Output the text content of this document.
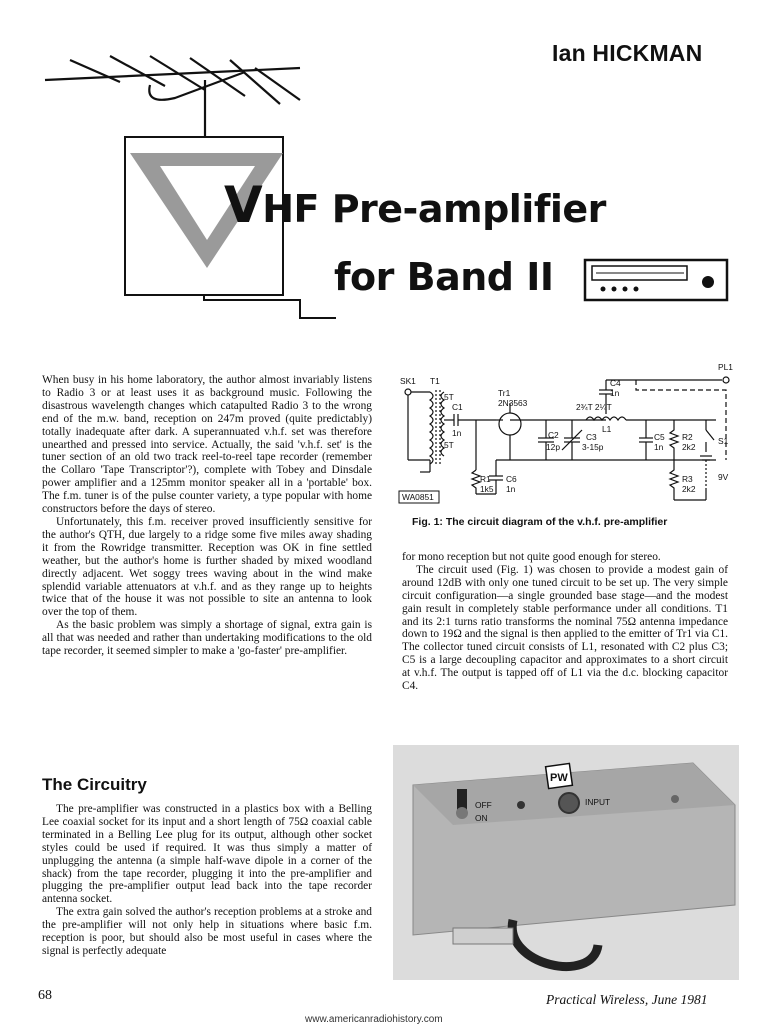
Ian HICKMAN
VHF Pre-amplifier
for Band II

When busy in his home laboratory, the author almost invariably listens to Radio 3 or at least uses it as background music. Following the disastrous wavelength changes which catapulted Radio 3 to the wrong end of the m.w. band, reception on 247m proved (quite predictably) totally inadequate after dark. A superannuated v.h.f. set was therefore unearthed and pressed into service. Actually, the said 'v.h.f. set' is the tuner section of an old two track reel-to-reel tape recorder (remember the Collaro 'Tape Transcriptor'?), complete with Tobey and Dinsdale power amplifier and a 125mm monitor speaker all in a 'portable' box. The f.m. tuner is of the pulse counter variety, a type popular with home constructors before the days of stereo.

Unfortunately, this f.m. receiver proved insufficiently sensitive for the author's QTH, due largely to a ridge some five miles away shading it from the Rowridge transmitter. Reception was OK in fine settled weather, but the author's home is further shaded by mixed woodland directly adjacent. Wet soggy trees waving about in the wind make splendid variable attenuators at v.h.f. and as they range up to heights twice that of the house it was not possible to site an antenna to look over the top of them.

As the basic problem was simply a shortage of signal, extra gain is all that was needed and rather than undertaking modifications to the old tape recorder, it seemed simpler to make a 'go-faster' pre-amplifier.

The Circuitry

The pre-amplifier was constructed in a plastics box with a Belling Lee coaxial socket for its input and a short length of 75Ω coaxial cable terminated in a Belling Lee plug for its output, although other socket styles could be used if required. It was thus simply a matter of unplugging the antenna (a simple half-wave dipole in a corner of the shack) from the tape recorder, plugging it into the pre-amplifier and plugging the pre-amplifier output lead back into the tape recorder antenna socket.

The extra gain solved the author's reception problems at a stroke and the pre-amplifier will not only help in situations where basic f.m. reception is poor, but should also be most useful in cases where the signal is perfectly adequate

SK1 T1
5T
5T
C1
1n
Tr1
2N3563
C4
1n
PL1
2¾T 2¼T
L1
C2
12p
C3
3-15p
C5
1n
R2
2k2
S1
9V
R1
1k5
C6
1n
R3
2k2
WA0851
Fig. 1: The circuit diagram of the v.h.f. pre-amplifier

for mono reception but not quite good enough for stereo.

The circuit used (Fig. 1) was chosen to provide a modest gain of around 12dB with only one tuned circuit to be set up. The very simple circuit configuration—a single grounded base stage—and the modest gain result in completely stable performance under all conditions. T1 and its 2:1 turns ratio transforms the nominal 75Ω antenna impedance down to 19Ω and the signal is then applied to the emitter of Tr1 via C1. The collector tuned circuit consists of L1, resonated with C2 plus C3; C5 is a large decoupling capacitor and approximates to a short circuit at v.h.f. The output is tapped off of L1 via the d.c. blocking capacitor C4.

OFF
ON
INPUT
PW
68	Practical Wireless, June 1981
www.americanradiohistory.com
